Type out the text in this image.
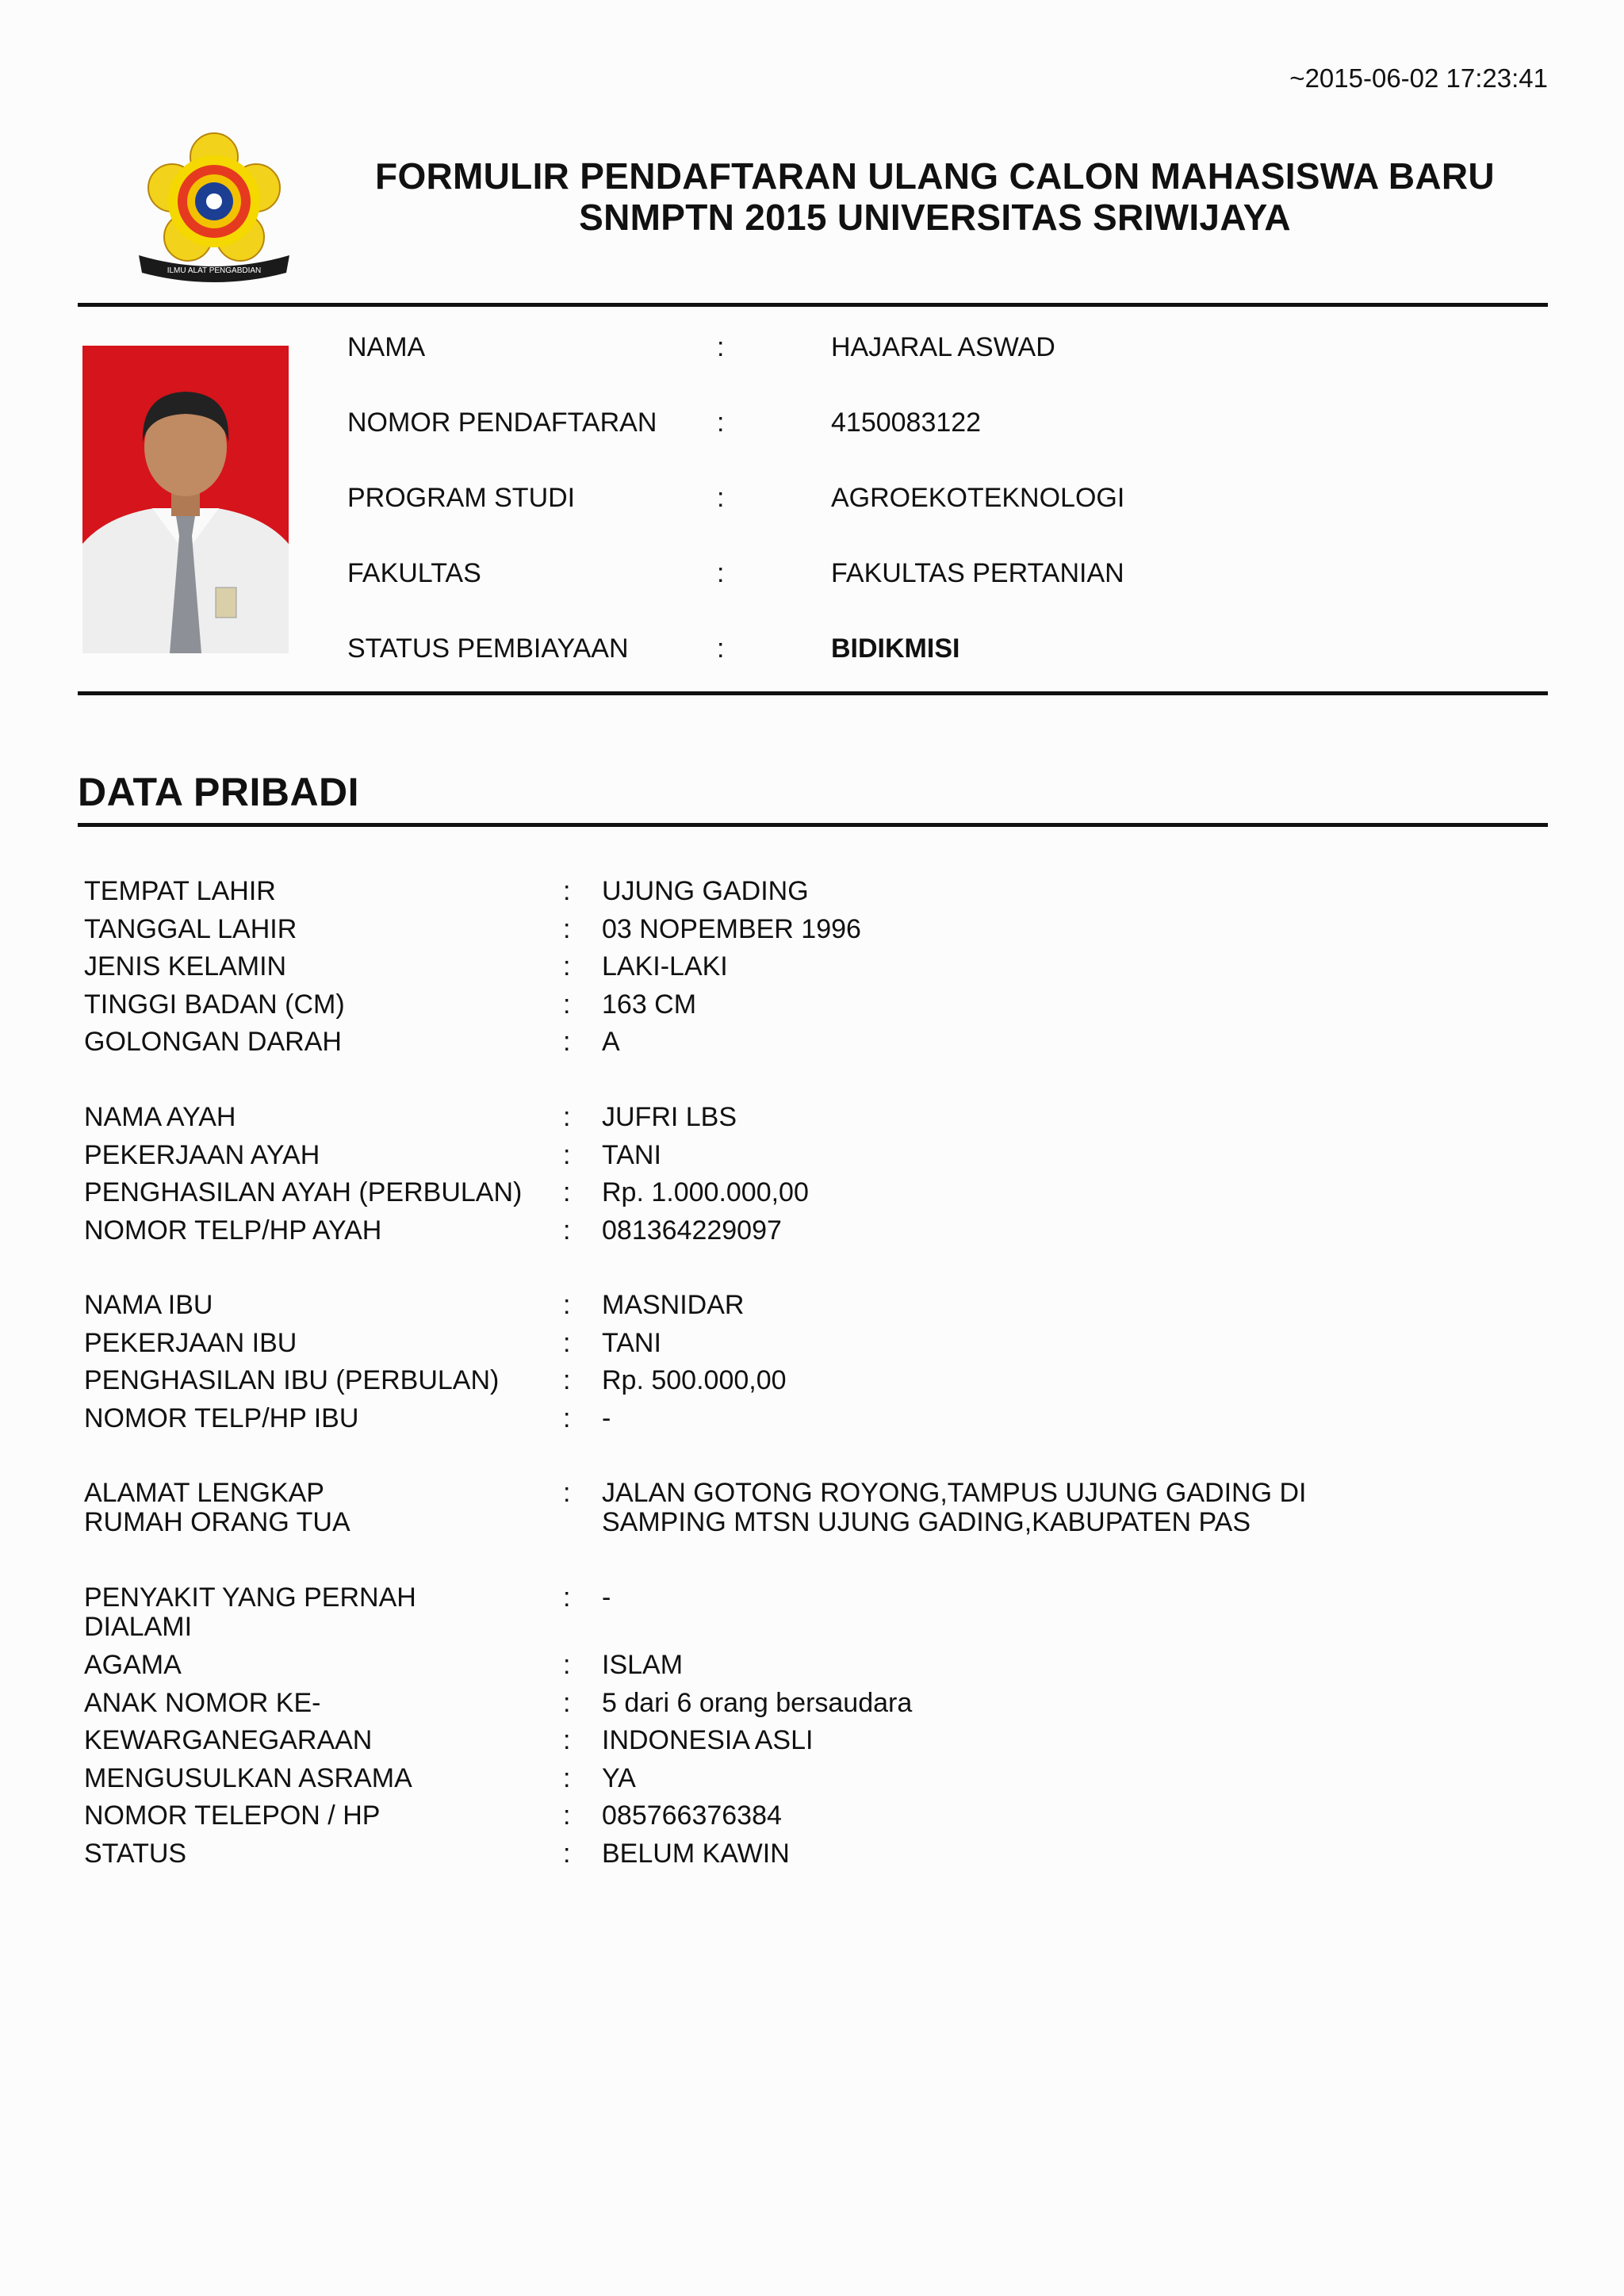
~2015-06-02 17:23:41
ILMU ALAT PENGABDIAN
FORMULIR PENDAFTARAN ULANG CALON MAHASISWA BARU
SNMPTN 2015 UNIVERSITAS SRIWIJAYA
NAMA	:	HAJARAL ASWAD
NOMOR PENDAFTARAN	:	4150083122
PROGRAM STUDI	:	AGROEKOTEKNOLOGI
FAKULTAS	:	FAKULTAS PERTANIAN
STATUS PEMBIAYAAN	:	BIDIKMISI
DATA PRIBADI
TEMPAT LAHIR	: UJUNG GADING
TANGGAL LAHIR	: 03 NOPEMBER 1996
JENIS KELAMIN	: LAKI-LAKI
TINGGI BADAN (CM)	: 163 CM
GOLONGAN DARAH	: A
NAMA AYAH	: JUFRI LBS
PEKERJAAN AYAH	: TANI
PENGHASILAN AYAH (PERBULAN)	: Rp. 1.000.000,00
NOMOR TELP/HP AYAH	: 081364229097
NAMA IBU	: MASNIDAR
PEKERJAAN IBU	: TANI
PENGHASILAN IBU (PERBULAN)	: Rp. 500.000,00
NOMOR TELP/HP IBU	: -
ALAMAT LENGKAP
RUMAH ORANG TUA
: JALAN GOTONG ROYONG,TAMPUS UJUNG GADING DI
SAMPING MTSN UJUNG GADING,KABUPATEN PAS
PENYAKIT YANG PERNAH
DIALAMI
: -
AGAMA	: ISLAM
ANAK NOMOR KE-	: 5 dari 6 orang bersaudara
KEWARGANEGARAAN	: INDONESIA ASLI
MENGUSULKAN ASRAMA	: YA
NOMOR TELEPON / HP	: 085766376384
STATUS	: BELUM KAWIN
